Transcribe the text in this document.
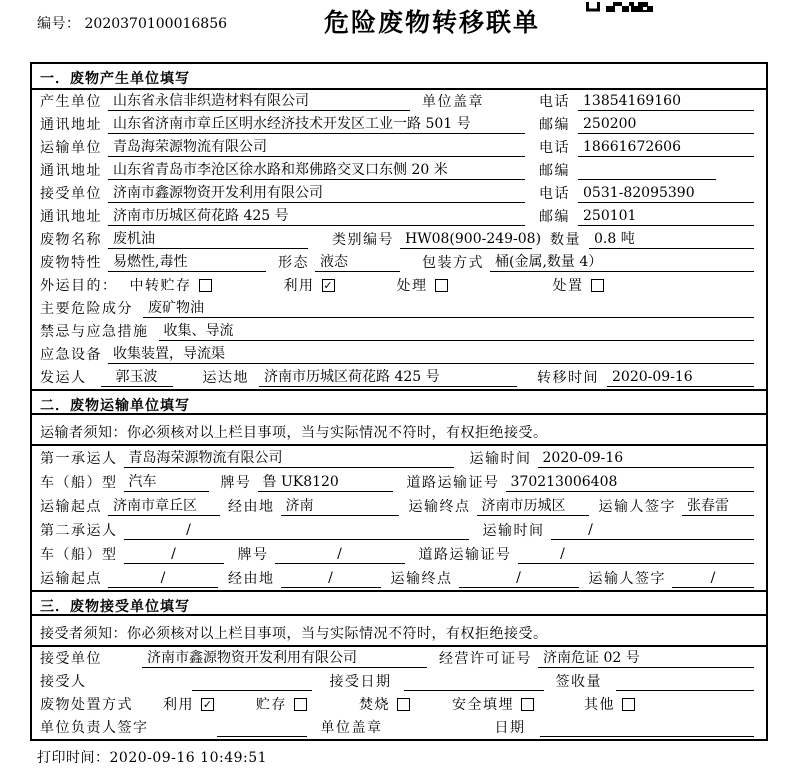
编号： 2020370100016856	危险废物转移联单
一．废物产生单位填写
产生单位 山东省永信非织造材料有限公司	单位盖章	电话 13854169160
通讯地址 山东省济南市章丘区明水经济技术开发区工业一路 501 号	邮编 250200
运输单位 青岛海荣源物流有限公司	电话 18661672606
通讯地址 山东省青岛市李沧区徐水路和郑佛路交叉口东侧 20 米	邮编
接受单位 济南市鑫源物资开发利用有限公司	电话 0531-82095390
通讯地址 济南市历城区荷花路 425 号	邮编 250101
废物名称 废机油	类别编号 HW08(900-249-08) 数量 0.8 吨
废物特性 易燃性,毒性	形态 液态	包装方式 桶(金属,数量 4）
外运目的： 中转贮存	利用 ✓	处理	处置
主要危险成分	废矿物油
禁忌与应急措施	收集、导流
应急设备 收集装置，导流渠
发运人	郭玉波	运达地	济南市历城区荷花路 425 号	转移时间 2020-09-16
二．废物运输单位填写
运输者须知：你必须核对以上栏目事项，当与实际情况不符时，有权拒绝接受。
第一承运人 青岛海荣源物流有限公司	运输时间 2020-09-16
车（船）型 汽车	牌号 鲁 UK8120	道路运输证号 370213006408
运输起点 济南市章丘区	经由地 济南	运输终点 济南市历城区	运输人签字 张春雷
第二承运人	/	运输时间	/
车（船）型	/	牌号	/	道路运输证号	/
运输起点	/	经由地	/	运输终点	/	运输人签字	/
三．废物接受单位填写
接受者须知：你必须核对以上栏目事项，当与实际情况不符时，有权拒绝接受。
接受单位	济南市鑫源物资开发利用有限公司	经营许可证号 济南危证 02 号
接受人	接受日期	签收量
废物处置方式 利用 ✓	贮存	焚烧	安全填埋	其他
单位负责人签字	单位盖章	日期
打印时间：2020-09-16 10:49:51
